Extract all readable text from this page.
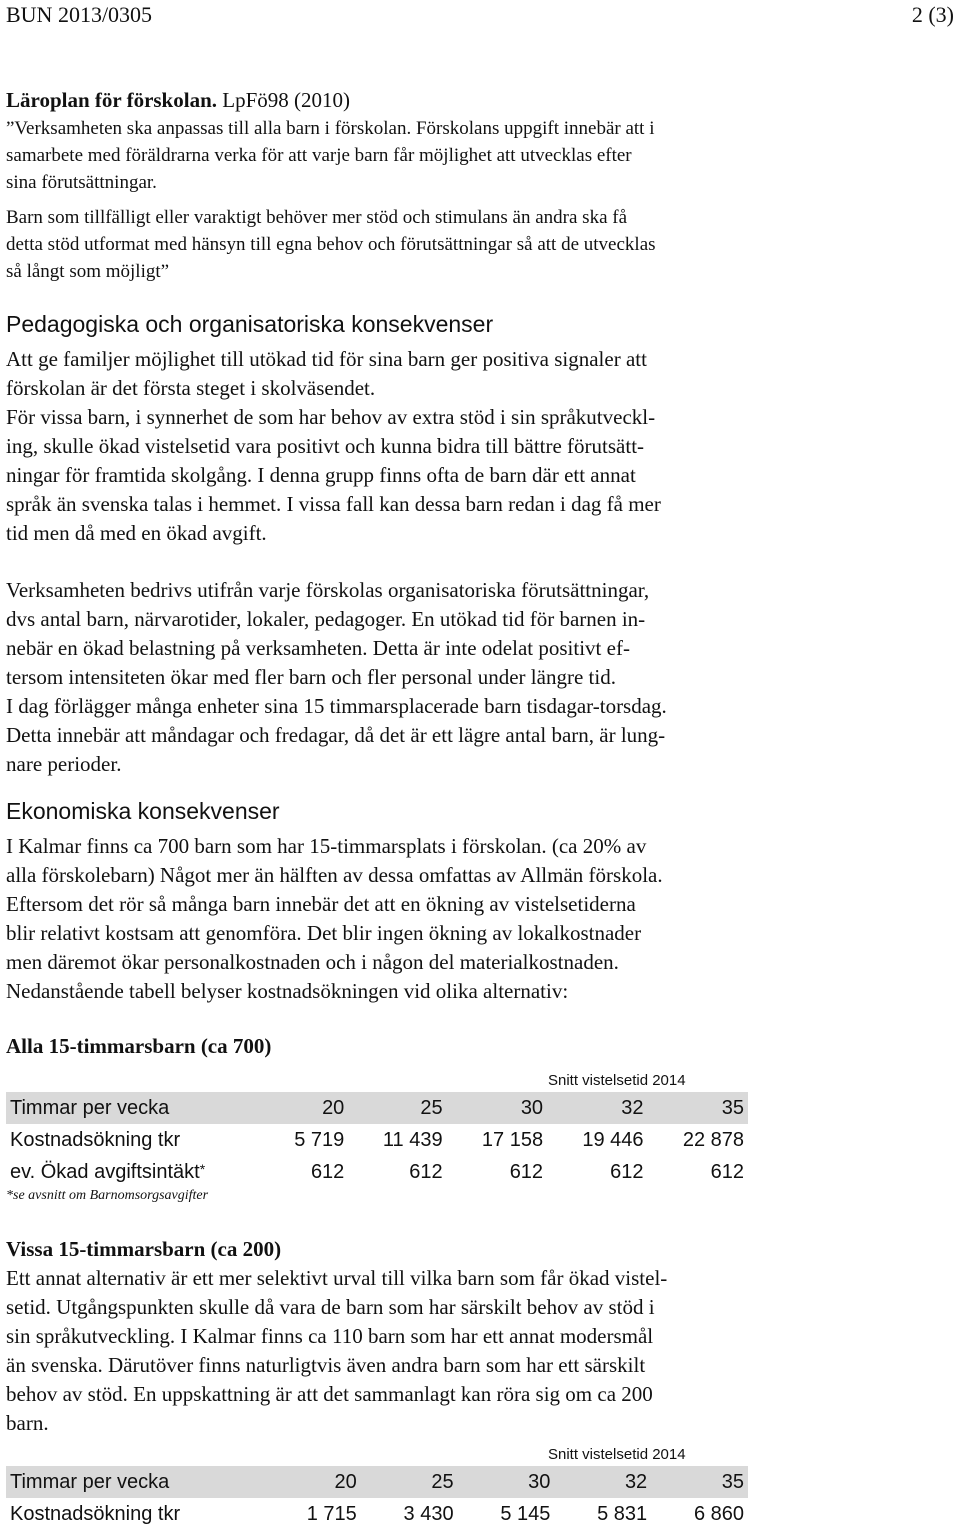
BUN 2013/0305	2 (3)

Läroplan för förskolan. LpFö98 (2010)

”Verksamheten ska anpassas till alla barn i förskolan. Förskolans uppgift innebär att i
samarbete med föräldrarna verka för att varje barn får möjlighet att utvecklas efter
sina förutsättningar.
Barn som tillfälligt eller varaktigt behöver mer stöd och stimulans än andra ska få
detta stöd utformat med hänsyn till egna behov och förutsättningar så att de utvecklas
så långt som möjligt”
Pedagogiska och organisatoriska konsekvenser
Att ge familjer möjlighet till utökad tid för sina barn ger positiva signaler att
förskolan är det första steget i skolväsendet.
För vissa barn, i synnerhet de som har behov av extra stöd i sin språkutveckl-
ing, skulle ökad vistelsetid vara positivt och kunna bidra till bättre förutsätt-
ningar för framtida skolgång. I denna grupp finns ofta de barn där ett annat
språk än svenska talas i hemmet. I vissa fall kan dessa barn redan i dag få mer
tid men då med en ökad avgift.
Verksamheten bedrivs utifrån varje förskolas organisatoriska förutsättningar,
dvs antal barn, närvarotider, lokaler, pedagoger. En utökad tid för barnen in-
nebär en ökad belastning på verksamheten. Detta är inte odelat positivt ef-
tersom intensiteten ökar med fler barn och fler personal under längre tid.
I dag förlägger många enheter sina 15 timmarsplacerade barn tisdagar-torsdag.
Detta innebär att måndagar och fredagar, då det är ett lägre antal barn, är lung-
nare perioder.
Ekonomiska konsekvenser
I Kalmar finns ca 700 barn som har 15-timmarsplats i förskolan. (ca 20% av
alla förskolebarn) Något mer än hälften av dessa omfattas av Allmän förskola.
Eftersom det rör så många barn innebär det att en ökning av vistelsetiderna
blir relativt kostsam att genomföra. Det blir ingen ökning av lokalkostnader
men däremot ökar personalkostnaden och i någon del materialkostnaden.
Nedanstående tabell belyser kostnadsökningen vid olika alternativ:

Alla 15-timmarsbarn (ca 700)

Snitt vistelsetid 2014
Timmar per vecka	20	25	30	32	35
Kostnadsökning tkr	5 719	11 439	17 158	19 446	22 878
ev. Ökad avgiftsintäkt*	612	612	612	612	612
*se avsnitt om Barnomsorgsavgifter

Vissa 15-timmarsbarn (ca 200)

Ett annat alternativ är ett mer selektivt urval till vilka barn som får ökad vistel-
setid. Utgångspunkten skulle då vara de barn som har särskilt behov av stöd i
sin språkutveckling. I Kalmar finns ca 110 barn som har ett annat modersmål
än svenska. Därutöver finns naturligtvis även andra barn som har ett särskilt
behov av stöd. En uppskattning är att det sammanlagt kan röra sig om ca 200
barn.
Snitt vistelsetid 2014
Timmar per vecka	20	25	30	32	35
Kostnadsökning tkr	1 715	3 430	5 145	5 831	6 860
